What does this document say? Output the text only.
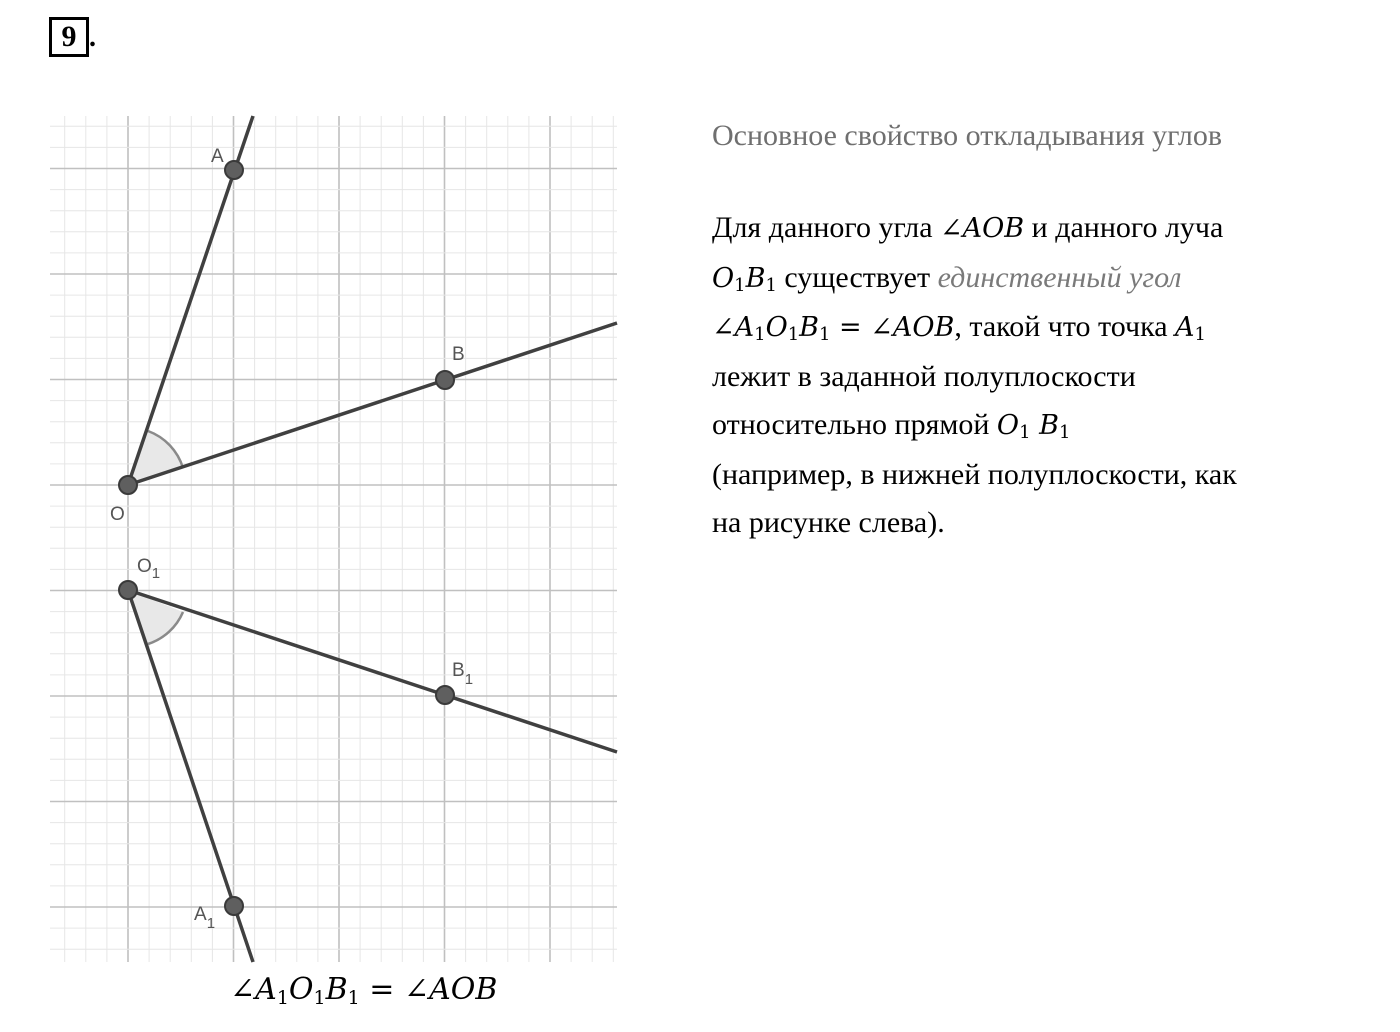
9 .
A
B
O
$O_1$
$B_1$
$A_1$
$\angle A_1O_1B_1$ = ∠AOB

Основное свойство откладывания углов

Для данного угла ∠AOB и данного луча
$O_1B_1$ существует единственный угол
$\angle A_1O_1B_1$ = ∠AOB, такой что точка $A_1$
лежит в заданной полуплоскости
относительно прямой $O_1$ $B_1$
(например, в нижней полуплоскости, как
на рисунке слева).
